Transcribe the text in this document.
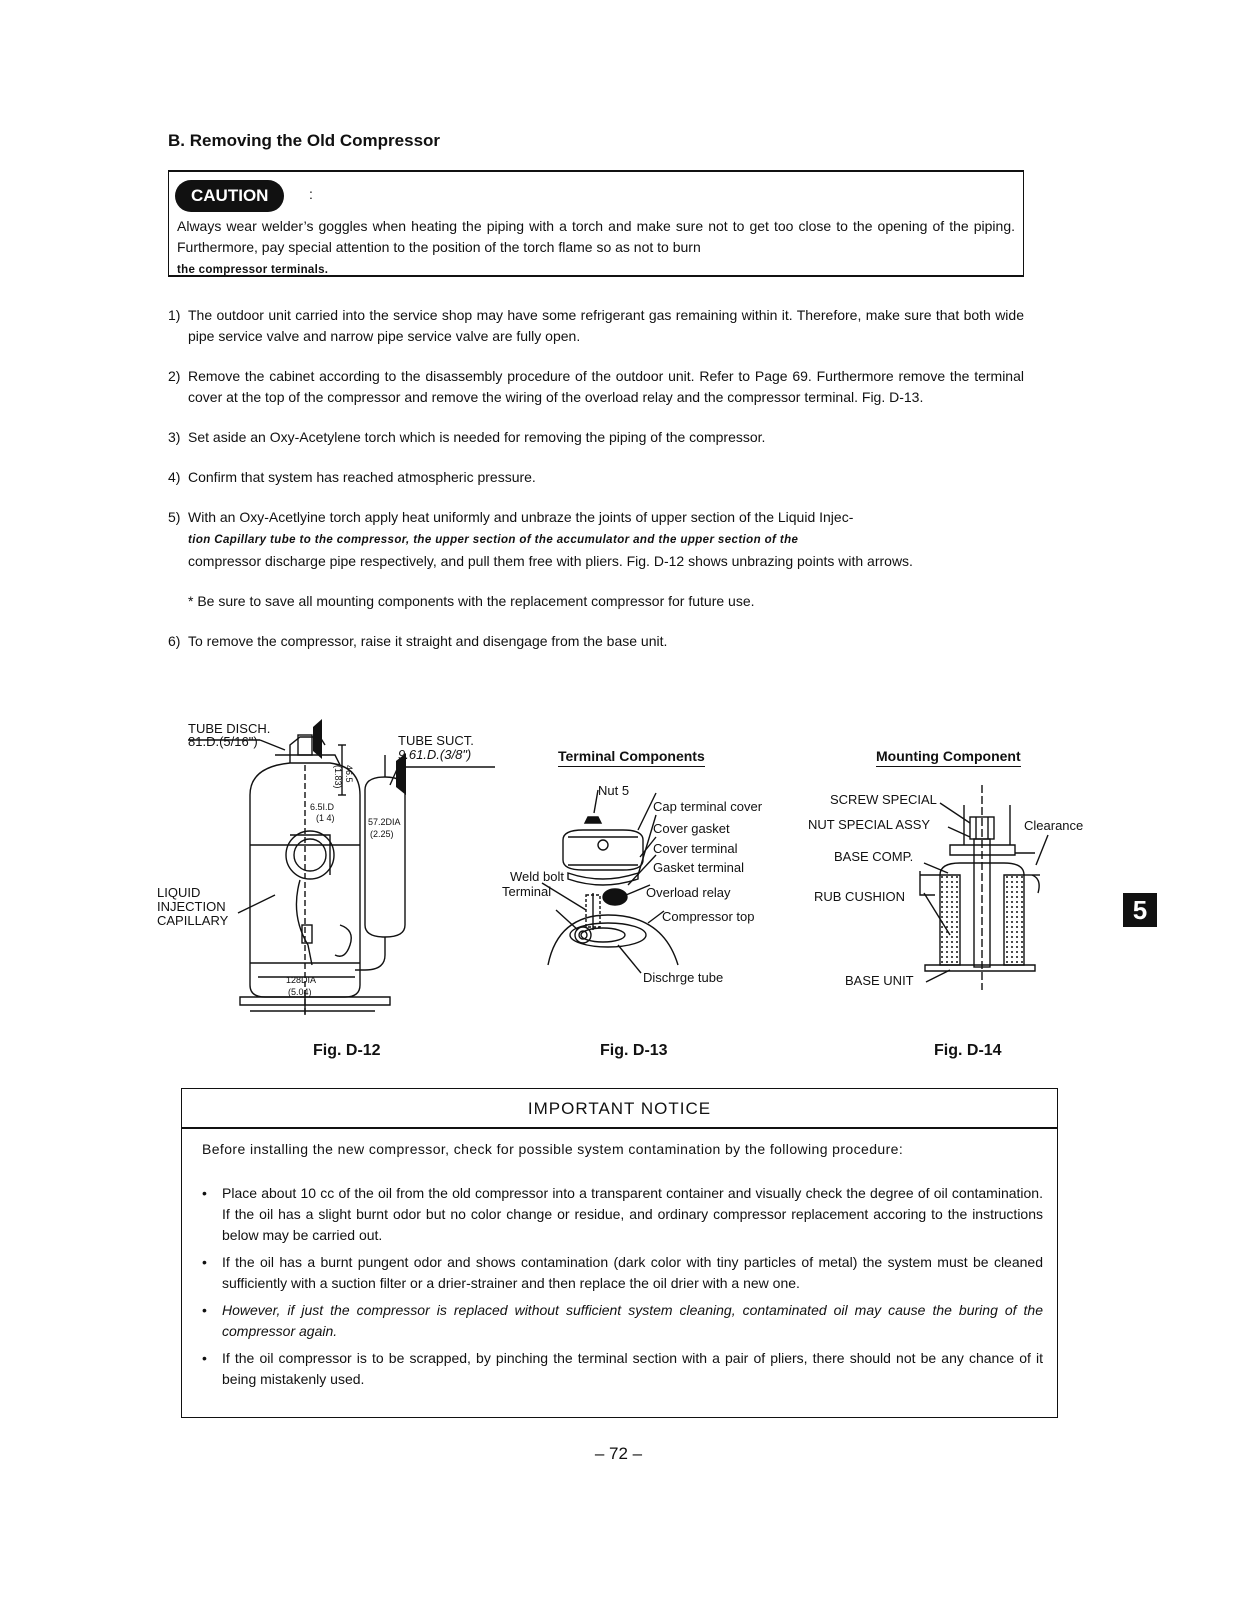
B. Removing the Old Compressor
CAUTION	:
Always wear welder’s goggles when heating the piping with a torch and make sure not to get too close to the opening of the piping. Furthermore, pay special attention to the position of the torch flame so as not to burn
the compressor terminals.
1) The outdoor unit carried into the service shop may have some refrigerant gas remaining within it. Therefore, make sure that both wide pipe service valve and narrow pipe service valve are fully open.
2) Remove the cabinet according to the disassembly procedure of the outdoor unit. Refer to Page 69. Furthermore remove the terminal cover at the top of the compressor and remove the wiring of the overload relay and the compressor terminal. Fig. D-13.
3) Set aside an Oxy-Acetylene torch which is needed for removing the piping of the compressor.
4) Confirm that system has reached atmospheric pressure.
5) With an Oxy-Acetlyine torch apply heat uniformly and unbraze the joints of upper section of the Liquid Injec-
tion Capillary tube to the compressor, the upper section of the accumulator and the upper section of the
compressor discharge pipe respectively, and pull them free with pliers. Fig. D-12 shows unbrazing points with arrows.
* Be sure to save all mounting components with the replacement compressor for future use.
6) To remove the compressor, raise it straight and disengage from the base unit.
TUBE DISCH.
81.D.(5/16")	TUBE SUCT.
9.61.D.(3/8")
LIQUID
INJECTION
CAPILLARY
6.5I.D
(1 4)	57.2DIA
(2.25)
46.5
(1.83)
128DIA
(5.04)
Fig. D-12
Terminal Components
Nut 5
Cap terminal cover
Cover gasket
Cover terminal
Gasket terminal
Overload relay
Weld bolt
Terminal
Compressor top
Dischrge tube
Fig. D-13
Mounting Component
SCREW SPECIAL
NUT SPECIAL ASSY	Clearance
BASE COMP.
RUB CUSHION
BASE UNIT
Fig. D-14
IMPORTANT NOTICE
Before installing the new compressor, check for possible system contamination by the following procedure:
• Place about 10 cc of the oil from the old compressor into a transparent container and visually check the degree of oil contamination. If the oil has a slight burnt odor but no color change or residue, and ordinary compressor replacement accoring to the instructions below may be carried out.
• If the oil has a burnt pungent odor and shows contamination (dark color with tiny particles of metal) the system must be cleaned sufficiently with a suction filter or a drier-strainer and then replace the oil drier with a new one.
• However, if just the compressor is replaced without sufficient system cleaning, contaminated oil may cause the buring of the compressor again.
• If the oil compressor is to be scrapped, by pinching the terminal section with a pair of pliers, there should not be any chance of it being mistakenly used.
– 72 –
5
